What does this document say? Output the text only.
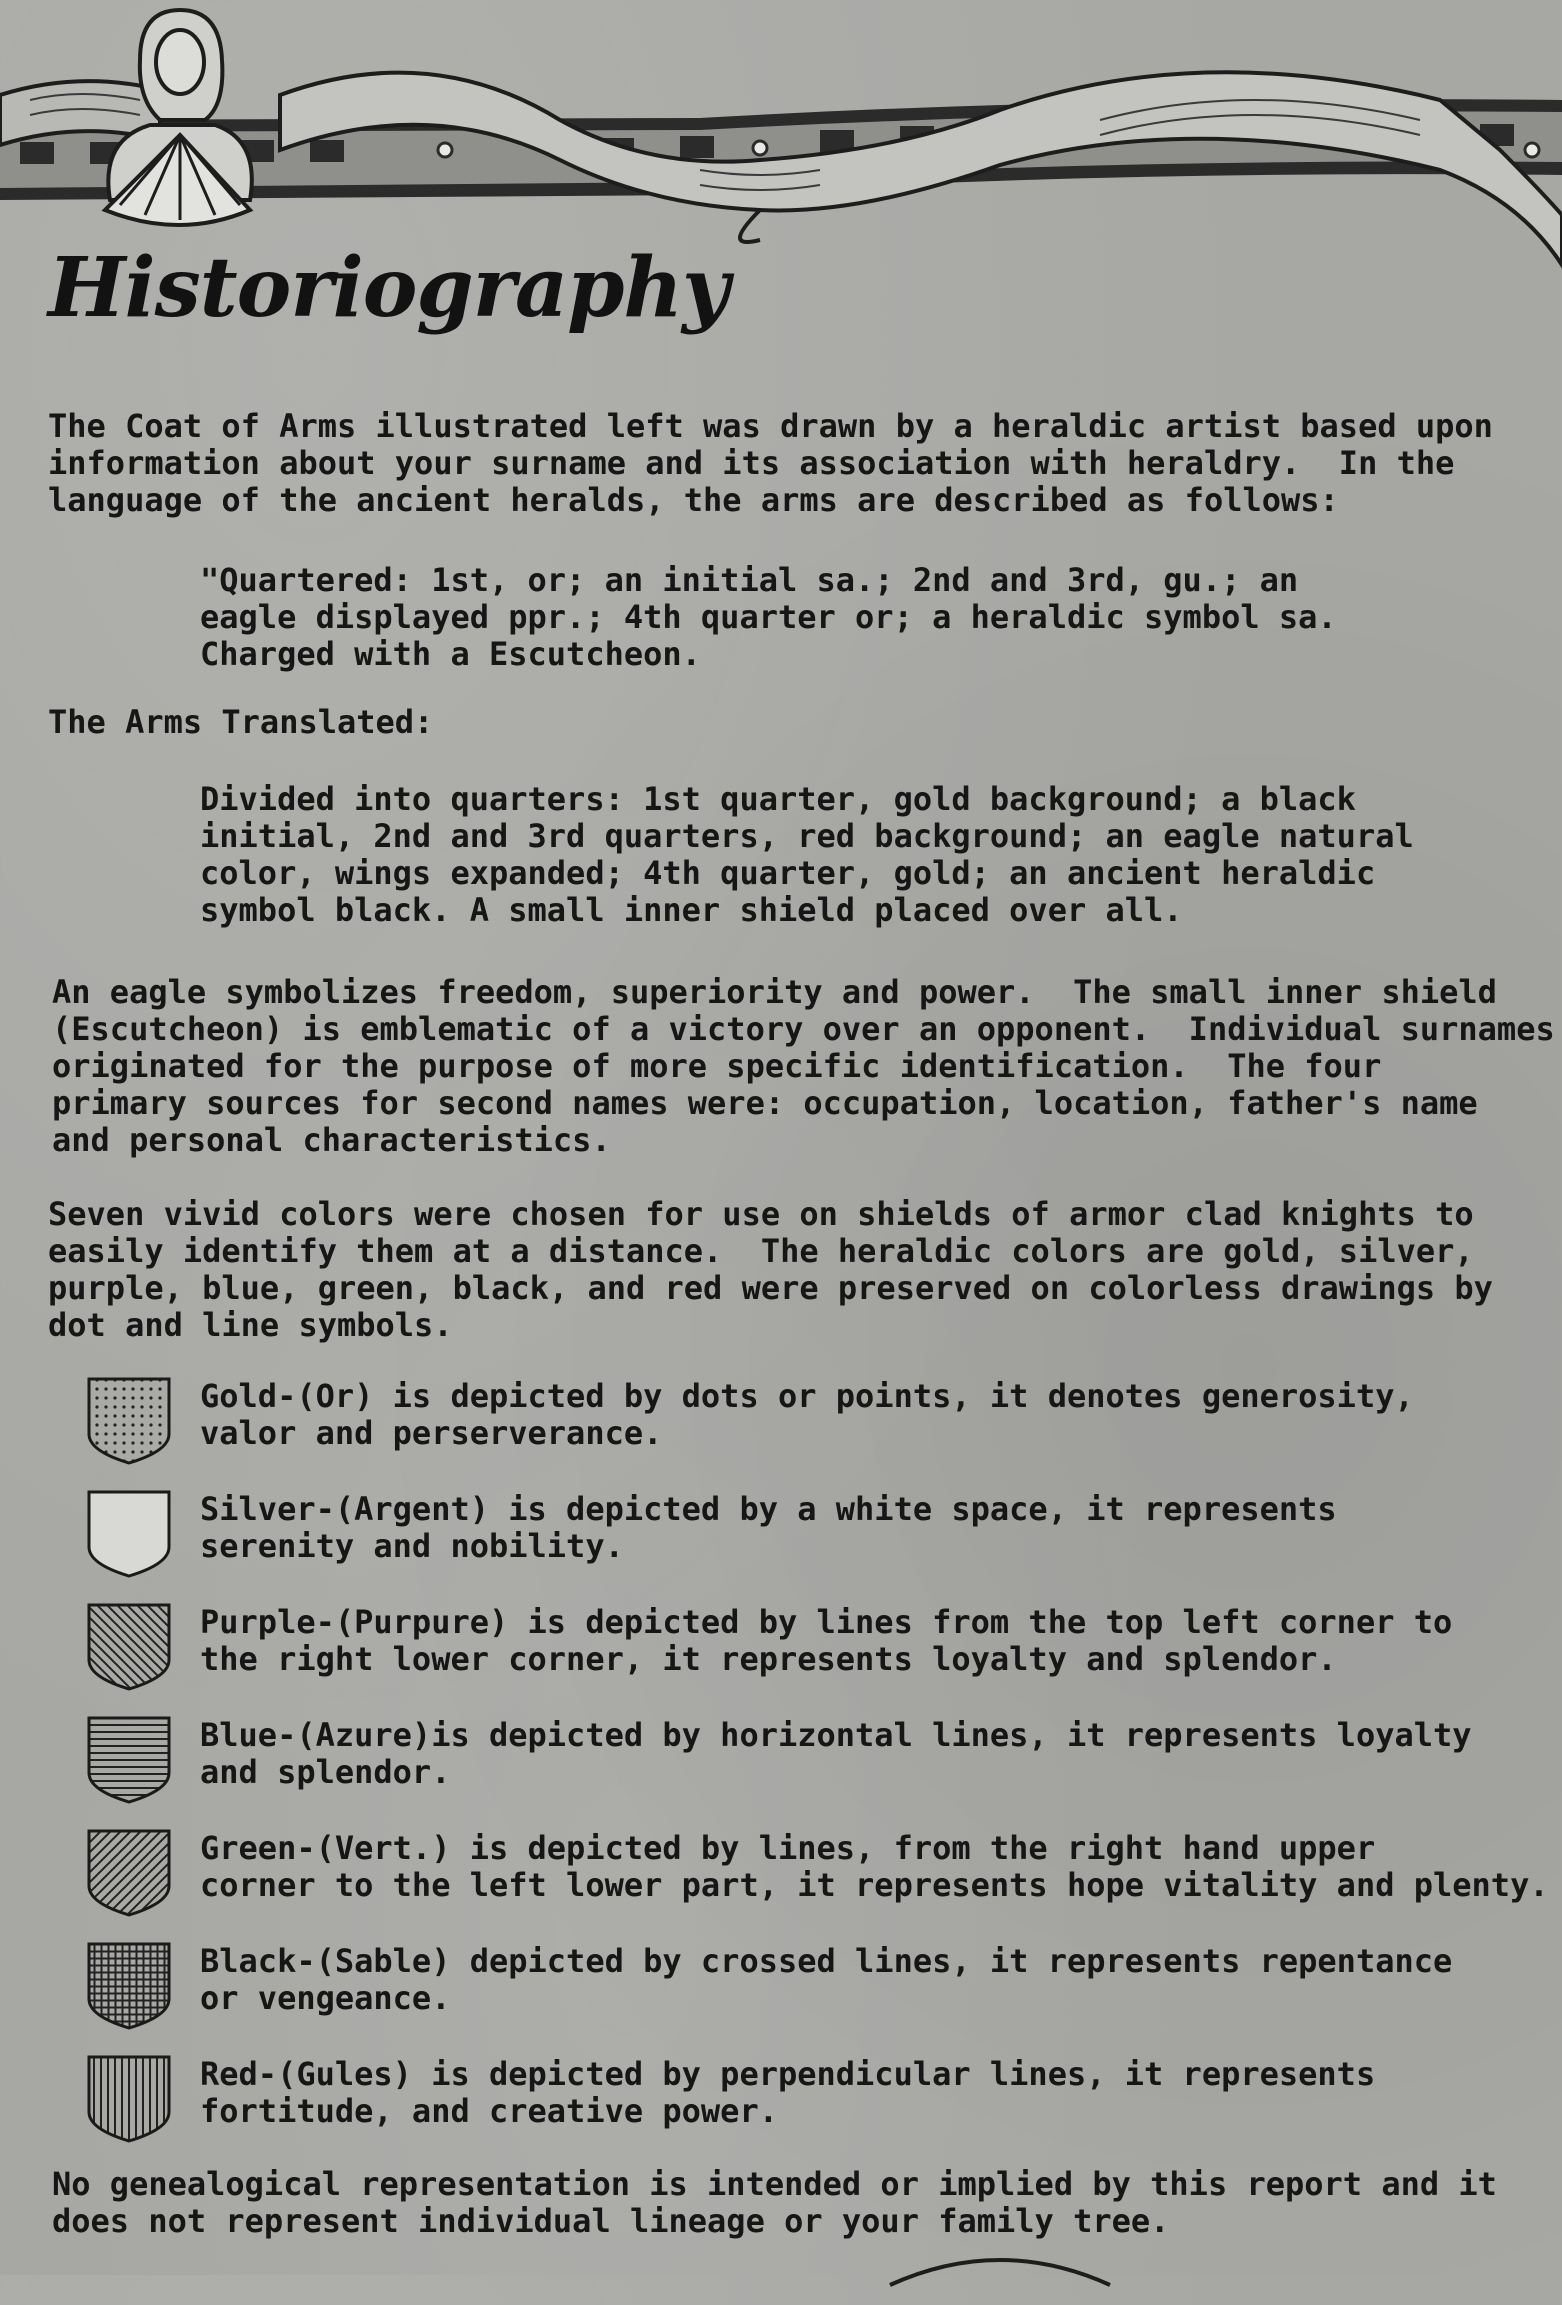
Historiography

The Coat of Arms illustrated left was drawn by a heraldic artist based upon
information about your surname and its association with heraldry.  In the
language of the ancient heralds, the arms are described as follows:

"Quartered: 1st, or; an initial sa.; 2nd and 3rd, gu.; an
eagle displayed ppr.; 4th quarter or; a heraldic symbol sa.
Charged with a Escutcheon.

The Arms Translated:

Divided into quarters: 1st quarter, gold background; a black
initial, 2nd and 3rd quarters, red background; an eagle natural
color, wings expanded; 4th quarter, gold; an ancient heraldic
symbol black. A small inner shield placed over all.

An eagle symbolizes freedom, superiority and power.  The small inner shield
(Escutcheon) is emblematic of a victory over an opponent.  Individual surnames
originated for the purpose of more specific identification.  The four
primary sources for second names were: occupation, location, father's name
and personal characteristics.

Seven vivid colors were chosen for use on shields of armor clad knights to
easily identify them at a distance.  The heraldic colors are gold, silver,
purple, blue, green, black, and red were preserved on colorless drawings by
dot and line symbols.

Gold-(Or) is depicted by dots or points, it denotes generosity,
valor and perserverance.

Silver-(Argent) is depicted by a white space, it represents
serenity and nobility.

Purple-(Purpure) is depicted by lines from the top left corner to
the right lower corner, it represents loyalty and splendor.

Blue-(Azure)is depicted by horizontal lines, it represents loyalty
and splendor.

Green-(Vert.) is depicted by lines, from the right hand upper
corner to the left lower part, it represents hope vitality and plenty.

Black-(Sable) depicted by crossed lines, it represents repentance
or vengeance.

Red-(Gules) is depicted by perpendicular lines, it represents
fortitude, and creative power.

No genealogical representation is intended or implied by this report and it
does not represent individual lineage or your family tree.
